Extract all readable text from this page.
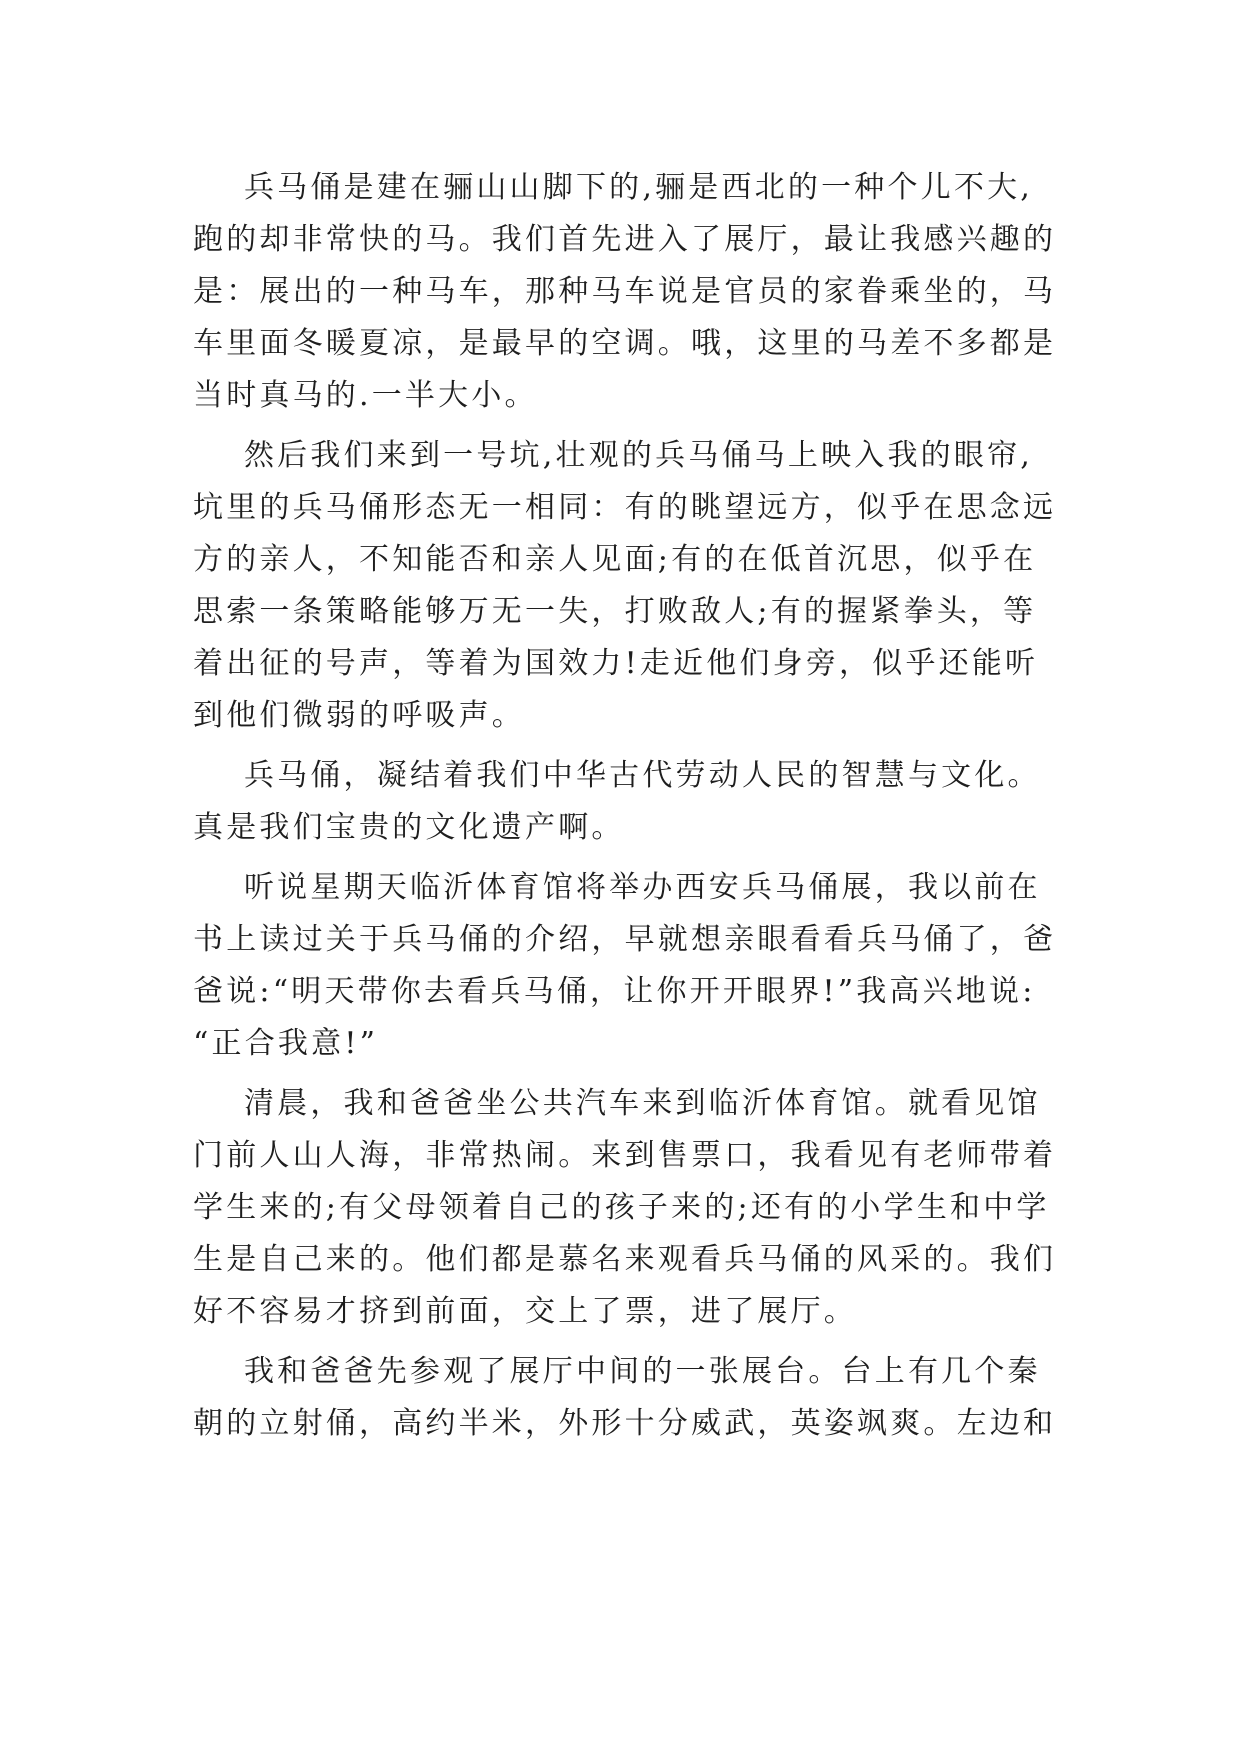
兵马俑是建在骊山山脚下的,骊是西北的一种个儿不大,
跑的却非常快的马。我们首先进入了展厅，最让我感兴趣的
是：展出的一种马车，那种马车说是官员的家眷乘坐的，马
车里面冬暖夏凉，是最早的空调。哦，这里的马差不多都是
当时真马的.一半大小。
然后我们来到一号坑,壮观的兵马俑马上映入我的眼帘,
坑里的兵马俑形态无一相同：有的眺望远方，似乎在思念远
方的亲人，不知能否和亲人见面;有的在低首沉思，似乎在
思索一条策略能够万无一失，打败敌人;有的握紧拳头，等
着出征的号声，等着为国效力!走近他们身旁，似乎还能听
到他们微弱的呼吸声。
兵马俑，凝结着我们中华古代劳动人民的智慧与文化。
真是我们宝贵的文化遗产啊。
听说星期天临沂体育馆将举办西安兵马俑展，我以前在
书上读过关于兵马俑的介绍，早就想亲眼看看兵马俑了，爸
爸说:“明天带你去看兵马俑，让你开开眼界!”我高兴地说:
“正合我意!”
清晨，我和爸爸坐公共汽车来到临沂体育馆。就看见馆
门前人山人海，非常热闹。来到售票口，我看见有老师带着
学生来的;有父母领着自己的孩子来的;还有的小学生和中学
生是自己来的。他们都是慕名来观看兵马俑的风采的。我们
好不容易才挤到前面，交上了票，进了展厅。
我和爸爸先参观了展厅中间的一张展台。台上有几个秦
朝的立射俑，高约半米，外形十分威武，英姿飒爽。左边和
